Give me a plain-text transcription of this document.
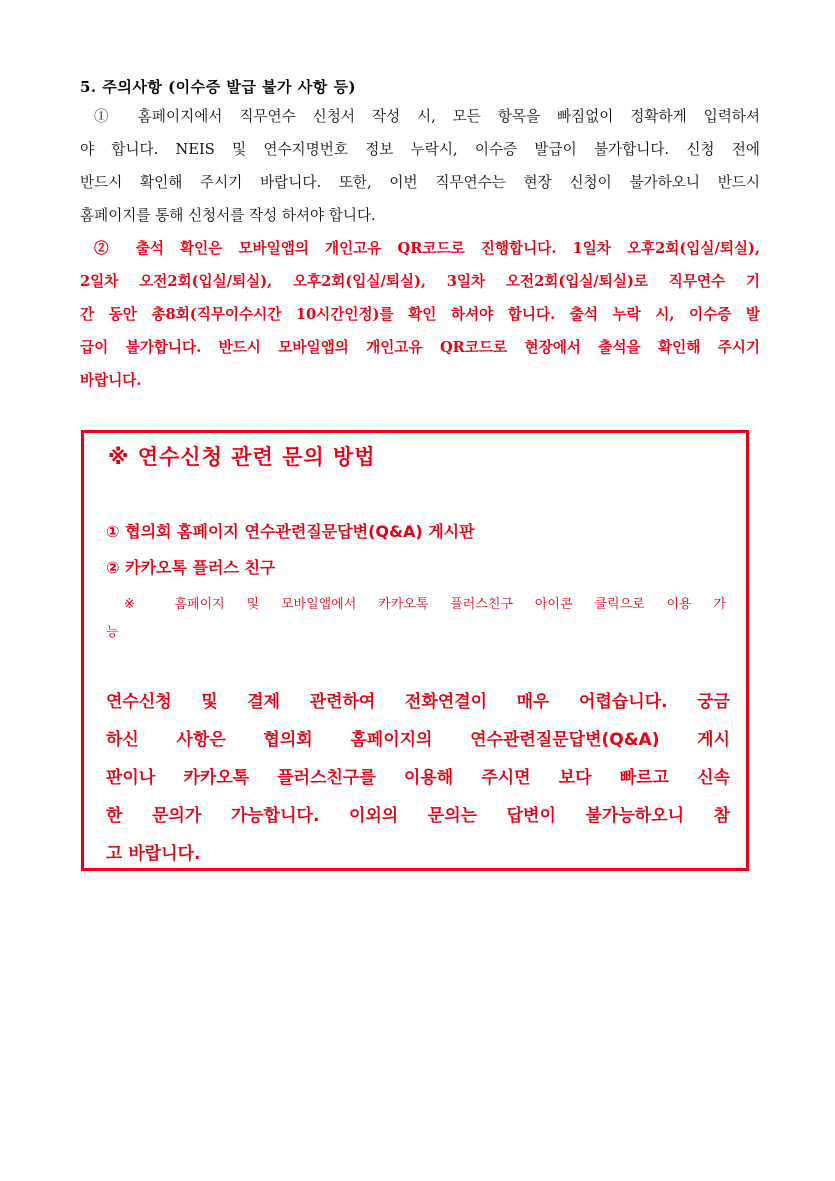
5. 주의사항 (이수증 발급 불가 사항 등)
① 홈페이지에서 직무연수 신청서 작성 시, 모든 항목을 빠짐없이 정확하게 입력하셔
야 합니다. NEIS 및 연수지명번호 정보 누락시, 이수증 발급이 불가합니다. 신청 전에
반드시 확인해 주시기 바랍니다. 또한, 이번 직무연수는 현장 신청이 불가하오니 반드시
홈페이지를 통해 신청서를 작성 하셔야 합니다.
② 출석 확인은 모바일앱의 개인고유 QR코드로 진행합니다. 1일차 오후2회(입실/퇴실),
2일차 오전2회(입실/퇴실), 오후2회(입실/퇴실), 3일차 오전2회(입실/퇴실)로 직무연수 기
간 동안 총8회(직무이수시간 10시간인정)를 확인 하셔야 합니다. 출석 누락 시, 이수증 발
급이 불가합니다. 반드시 모바일앱의 개인고유 QR코드로 현장에서 출석을 확인해 주시기
바랍니다.
※ 연수신청 관련 문의 방법
① 협의회 홈페이지 연수관련질문답변(Q&A) 게시판
② 카카오톡 플러스 친구
※ 홈페이지 및 모바일앱에서 카카오톡 플러스친구 아이콘 클릭으로 이용 가
능
연수신청 및 결제 관련하여 전화연결이 매우 어렵습니다. 궁금
하신 사항은 협의회 홈페이지의 연수관련질문답변(Q&A) 게시
판이나 카카오톡 플러스친구를 이용해 주시면 보다 빠르고 신속
한 문의가 가능합니다. 이외의 문의는 답변이 불가능하오니 참
고 바랍니다.
